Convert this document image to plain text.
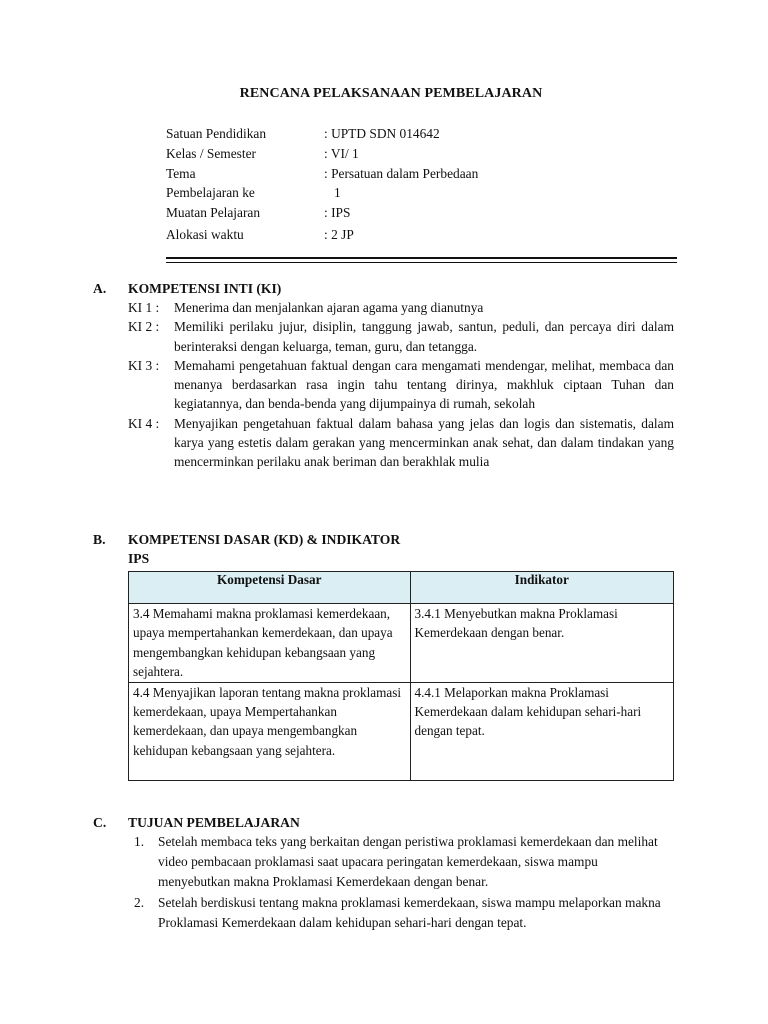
RENCANA PELAKSANAAN PEMBELAJARAN
Satuan Pendidikan	: UPTD SDN 014642
Kelas / Semester	: VI/ 1
Tema	: Persatuan dalam Perbedaan
Pembelajaran ke	1
Muatan Pelajaran	: IPS
Alokasi waktu	: 2 JP
A. KOMPETENSI INTI (KI)
KI 1 : Menerima dan menjalankan ajaran agama yang dianutnya
KI 2 : Memiliki perilaku jujur, disiplin, tanggung jawab, santun, peduli, dan percaya diri dalam berinteraksi dengan keluarga, teman, guru, dan tetangga.
KI 3 : Memahami pengetahuan faktual dengan cara mengamati mendengar, melihat, membaca dan menanya berdasarkan rasa ingin tahu tentang dirinya, makhluk ciptaan Tuhan dan kegiatannya, dan benda-benda yang dijumpainya di rumah, sekolah
KI 4 : Menyajikan pengetahuan faktual dalam bahasa yang jelas dan logis dan sistematis, dalam karya yang estetis dalam gerakan yang mencerminkan anak sehat, dan dalam tindakan yang mencerminkan perilaku anak beriman dan berakhlak mulia
B. KOMPETENSI DASAR (KD) & INDIKATOR
IPS
Kompetensi Dasar	Indikator
3.4 Memahami makna proklamasi kemerdekaan, upaya mempertahankan kemerdekaan, dan upaya mengembangkan kehidupan kebangsaan yang sejahtera.	3.4.1 Menyebutkan makna Proklamasi Kemerdekaan dengan benar.
4.4 Menyajikan laporan tentang makna proklamasi kemerdekaan, upaya Mempertahankan kemerdekaan, dan upaya mengembangkan kehidupan kebangsaan yang sejahtera.	4.4.1 Melaporkan makna Proklamasi Kemerdekaan dalam kehidupan sehari-hari dengan tepat.
C. TUJUAN PEMBELAJARAN
1. Setelah membaca teks yang berkaitan dengan peristiwa proklamasi kemerdekaan dan melihat video pembacaan proklamasi saat upacara peringatan kemerdekaan, siswa mampu menyebutkan makna Proklamasi Kemerdekaan dengan benar.
2. Setelah berdiskusi tentang makna proklamasi kemerdekaan, siswa mampu melaporkan makna Proklamasi Kemerdekaan dalam kehidupan sehari-hari dengan tepat.
